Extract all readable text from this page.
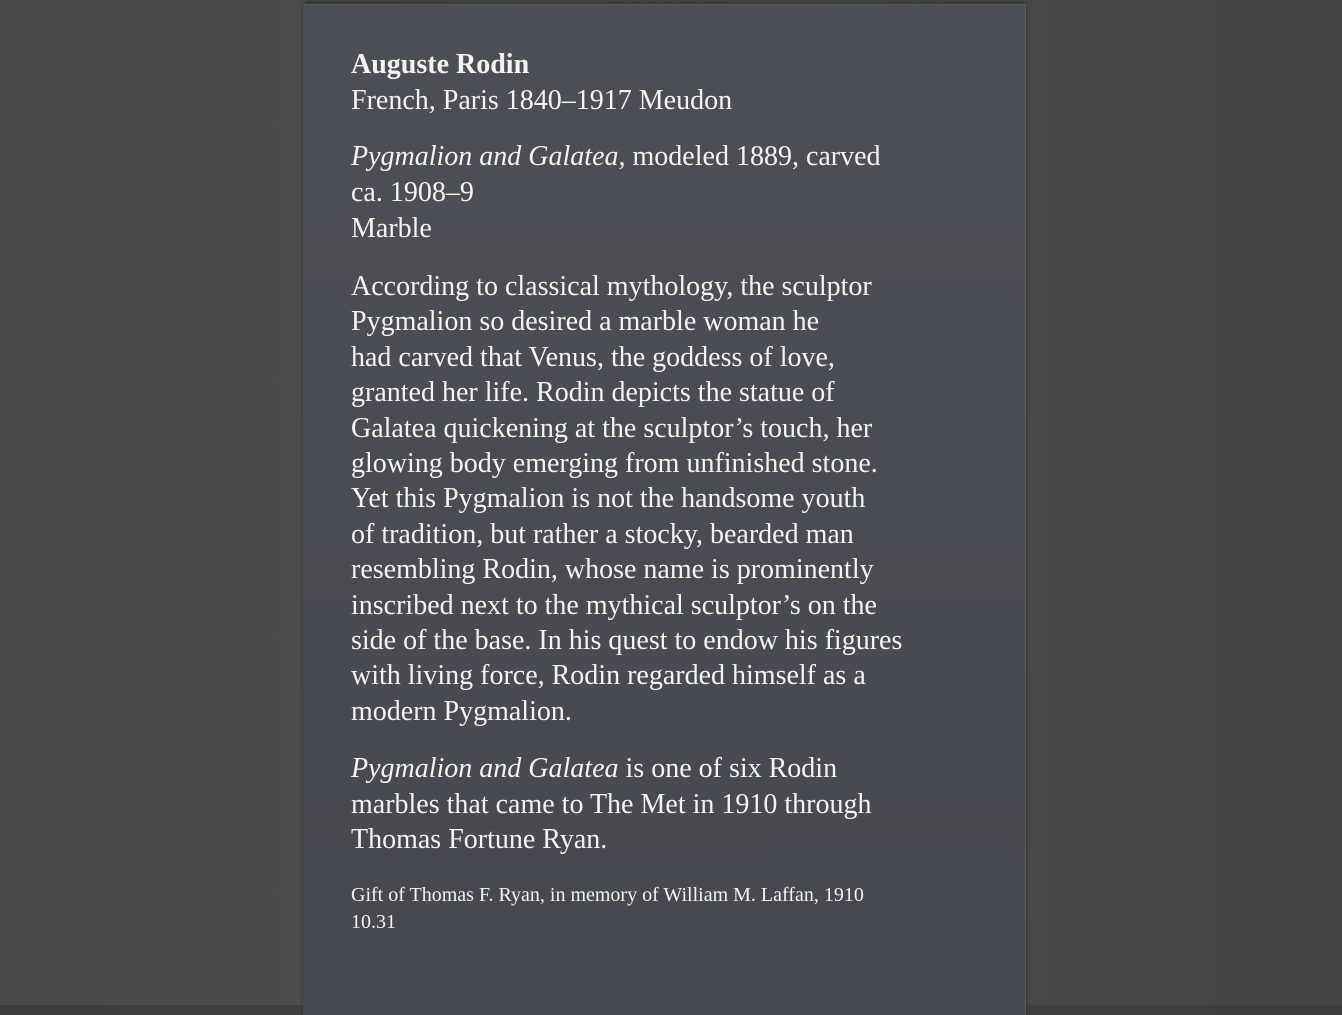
Auguste Rodin

French, Paris 1840–1917 Meudon

Pygmalion and Galatea, modeled 1889, carved
ca. 1908–9
Marble
According to classical mythology, the sculptor
Pygmalion so desired a marble woman he
had carved that Venus, the goddess of love,
granted her life. Rodin depicts the statue of
Galatea quickening at the sculptor’s touch, her
glowing body emerging from unfinished stone.
Yet this Pygmalion is not the handsome youth
of tradition, but rather a stocky, bearded man
resembling Rodin, whose name is prominently
inscribed next to the mythical sculptor’s on the
side of the base. In his quest to endow his figures
with living force, Rodin regarded himself as a
modern Pygmalion.
Pygmalion and Galatea is one of six Rodin
marbles that came to The Met in 1910 through
Thomas Fortune Ryan.
Gift of Thomas F. Ryan, in memory of William M. Laffan, 1910
10.31
